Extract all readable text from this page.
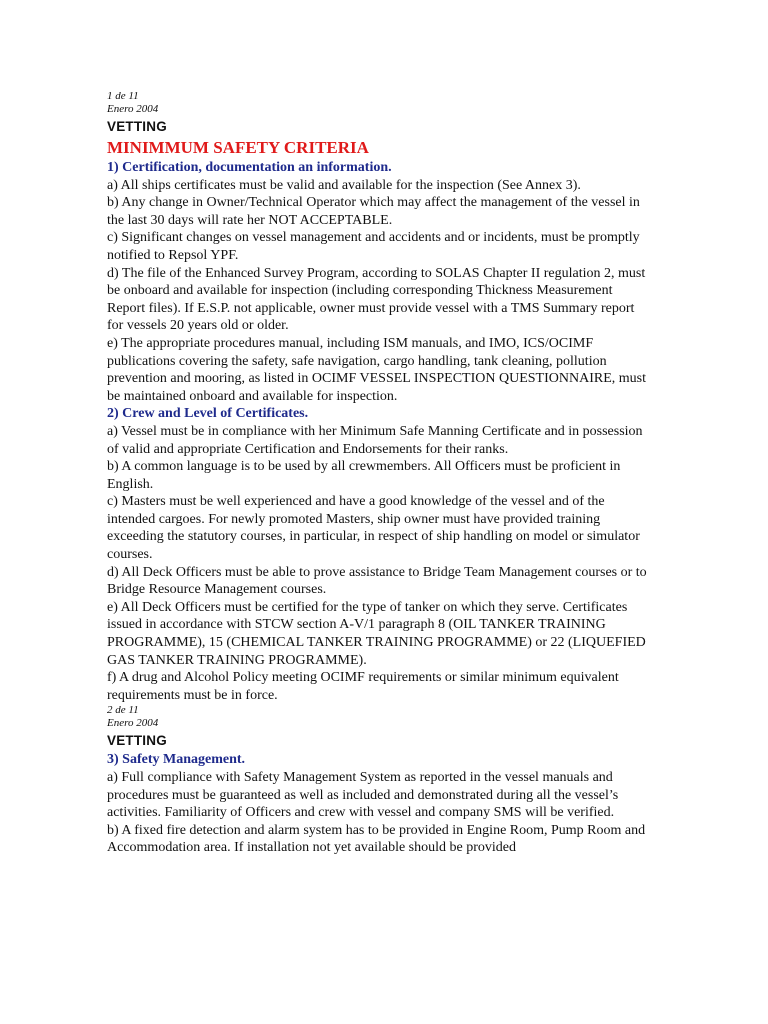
1 de 11

Enero 2004

VETTING

MINIMMUM SAFETY CRITERIA

1) Certification, documentation an information.

a) All ships certificates must be valid and available for the inspection (See Annex 3).

b) Any change in Owner/Technical Operator which may affect the management of the vessel in the last 30 days will rate her NOT ACCEPTABLE.

c) Significant changes on vessel management and accidents and or incidents, must be promptly notified to Repsol YPF.

d) The file of the Enhanced Survey Program, according to SOLAS Chapter II regulation 2, must be onboard and available for inspection (including corresponding Thickness Measurement Report files). If E.S.P. not applicable, owner must provide vessel with a TMS Summary report for vessels 20 years old or older.

e) The appropriate procedures manual, including ISM manuals, and IMO, ICS/OCIMF publications covering the safety, safe navigation, cargo handling, tank cleaning, pollution prevention and mooring, as listed in OCIMF VESSEL INSPECTION QUESTIONNAIRE, must be maintained onboard and available for inspection.

2) Crew and Level of Certificates.

a) Vessel must be in compliance with her Minimum Safe Manning Certificate and in possession of valid and appropriate Certification and Endorsements for their ranks.

b) A common language is to be used by all crewmembers. All Officers must be proficient in English.

c) Masters must be well experienced and have a good knowledge of the vessel and of the intended cargoes. For newly promoted Masters, ship owner must have provided training exceeding the statutory courses, in particular, in respect of ship handling on model or simulator courses.

d) All Deck Officers must be able to prove assistance to Bridge Team Management courses or to Bridge Resource Management courses.

e) All Deck Officers must be certified for the type of tanker on which they serve. Certificates issued in accordance with STCW section A-V/1 paragraph 8 (OIL TANKER TRAINING PROGRAMME), 15 (CHEMICAL TANKER TRAINING PROGRAMME) or 22 (LIQUEFIED GAS TANKER TRAINING PROGRAMME).

f) A drug and Alcohol Policy meeting OCIMF requirements or similar minimum equivalent requirements must be in force.

2 de 11

Enero 2004

VETTING

3) Safety Management.

a) Full compliance with Safety Management System as reported in the vessel manuals and procedures must be guaranteed as well as included and demonstrated during all the vessel’s activities. Familiarity of Officers and crew with vessel and company SMS will be verified.

b) A fixed fire detection and alarm system has to be provided in Engine Room, Pump Room and Accommodation area. If installation not yet available should be provided
